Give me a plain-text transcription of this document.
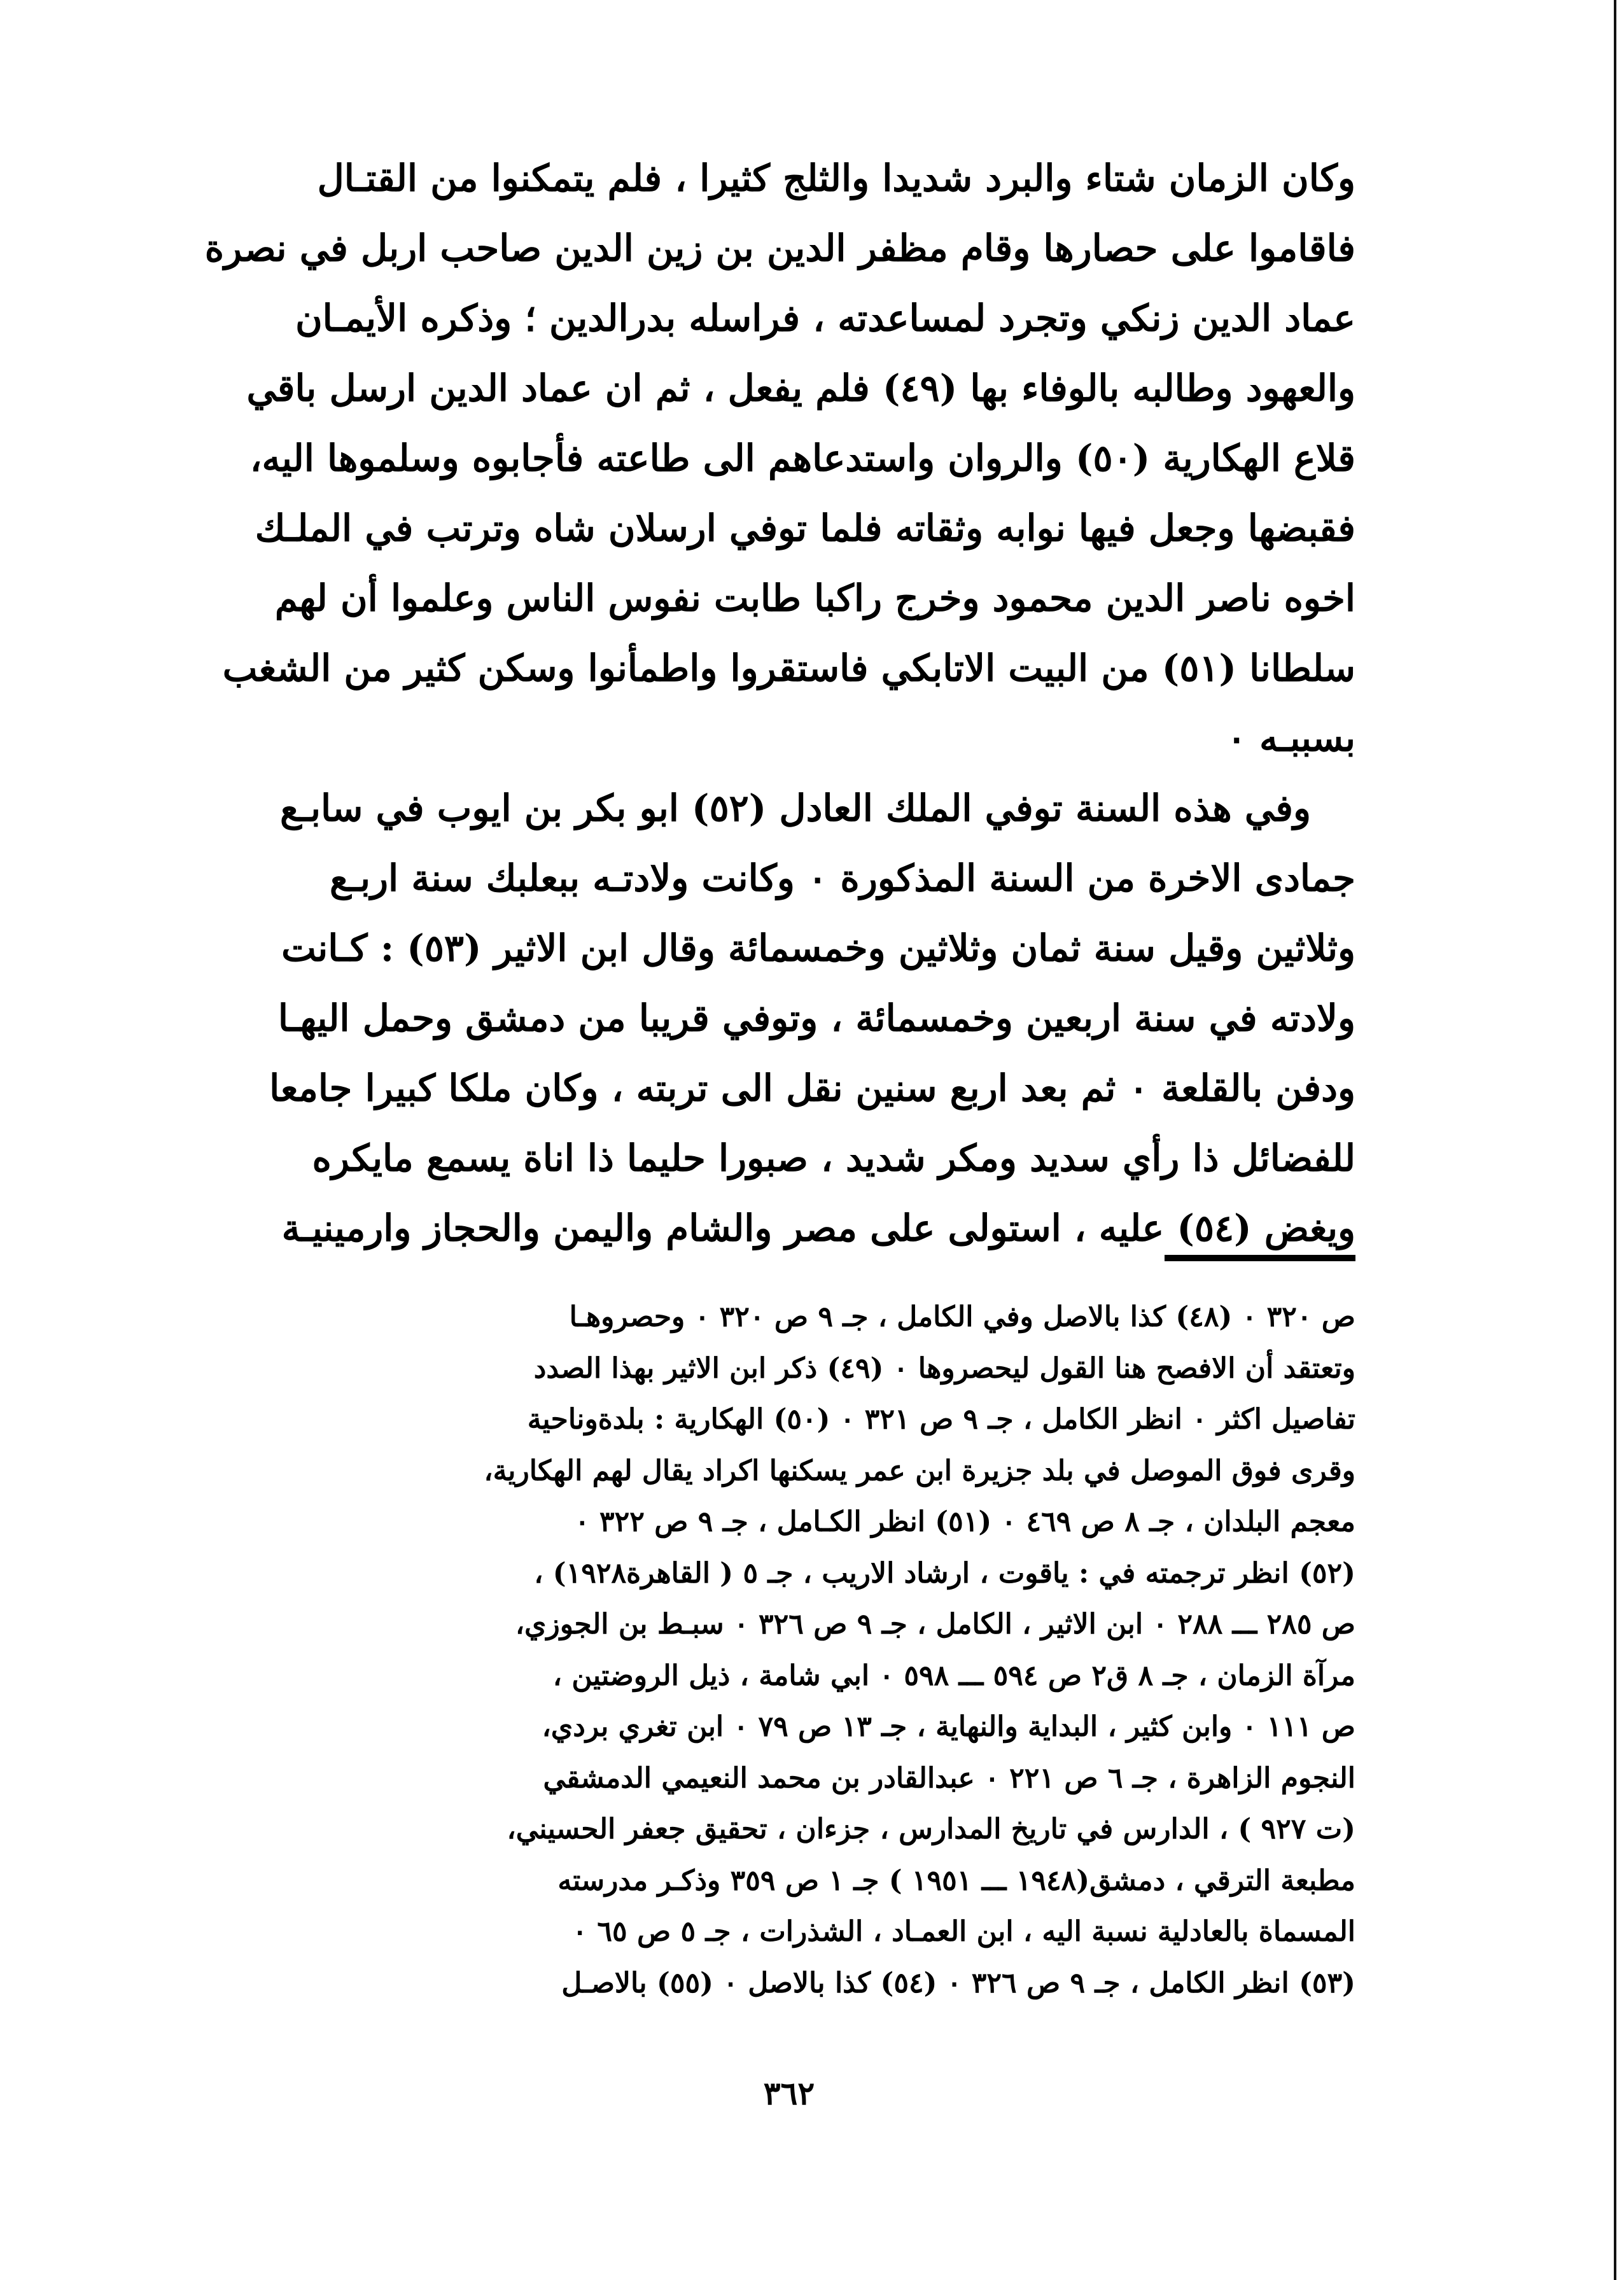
وكان الزمان شتاء والبرد شديدا والثلج كثيرا ، فلم يتمكنوا من القتـال
فاقاموا على حصارها وقام مظفر الدين بن زين الدين صاحب اربل في نصرة
عماد الدين زنكي وتجرد لمساعدته ، فراسله بدرالدين ؛ وذكره الأيمـان
والعهود وطالبه بالوفاء بها (٤٩) فلم يفعل ، ثم ان عماد الدين ارسل باقي
قلاع الهكارية (٥٠) والروان واستدعاهم الى طاعته فأجابوه وسلموها اليه،
فقبضها وجعل فيها نوابه وثقاته فلما توفي ارسلان شاه وترتب في الملـك
اخوه ناصر الدين محمود وخرج راكبا طابت نفوس الناس وعلموا أن لهم
سلطانا (٥١) من البيت الاتابكي فاستقروا واطمأنوا وسكن كثير من الشغب
بسببـه ٠
وفي هذه السنة توفي الملك العادل (٥٢) ابو بكر بن ايوب في سابـع
جمادى الاخرة من السنة المذكورة ٠ وكانت ولادتـه ببعلبك سنة اربـع
وثلاثين وقيل سنة ثمان وثلاثين وخمسمائة وقال ابن الاثير (٥٣) : كـانت
ولادته في سنة اربعين وخمسمائة ، وتوفي قريبا من دمشق وحمل اليهـا
ودفن بالقلعة ٠ ثم بعد اربع سنين نقل الى تربته ، وكان ملكا كبيرا جامعا
للفضائل ذا رأي سديد ومكر شديد ، صبورا حليما ذا اناة يسمع مايكره
ويغض (٥٤) عليه ، استولى على مصر والشام واليمن والحجاز وارمينيـة
ص ٣٢٠ ٠ (٤٨) كذا بالاصل وفي الكامل ، جـ ٩ ص ٣٢٠ ٠ وحصروهـا
وتعتقد أن الافصح هنا القول ليحصروها ٠ (٤٩) ذكر ابن الاثير بهذا الصدد
تفاصيل اكثر ٠ انظر الكامل ، جـ ٩ ص ٣٢١ ٠ (٥٠) الهكارية : بلدةوناحية
وقرى فوق الموصل في بلد جزيرة ابن عمر يسكنها اكراد يقال لهم الهكارية،
معجم البلدان ، جـ ٨ ص ٤٦٩ ٠ (٥١) انظر الكـامل ، جـ ٩ ص ٣٢٢ ٠
(٥٢) انظر ترجمته في : ياقوت ، ارشاد الاريب ، جـ ٥ ( القاهرة١٩٢٨) ،
ص ٢٨٥ ـــ ٢٨٨ ٠ ابن الاثير ، الكامل ، جـ ٩ ص ٣٢٦ ٠ سبـط بن الجوزي،
مرآة الزمان ، جـ ٨ ق٢ ص ٥٩٤ ـــ ٥٩٨ ٠ ابي شامة ، ذيل الروضتين ،
ص ١١١ ٠ وابن كثير ، البداية والنهاية ، جـ ١٣ ص ٧٩ ٠ ابن تغري بردي،
النجوم الزاهرة ، جـ ٦ ص ٢٢١ ٠ عبدالقادر بن محمد النعيمي الدمشقي
(ت ٩٢٧ ) ، الدارس في تاريخ المدارس ، جزءان ، تحقيق جعفر الحسيني،
مطبعة الترقي ، دمشق(١٩٤٨ ـــ ١٩٥١ ) جـ ١ ص ٣٥٩ وذكـر مدرسته
المسماة بالعادلية نسبة اليه ، ابن العمـاد ، الشذرات ، جـ ٥ ص ٦٥ ٠
(٥٣) انظر الكامل ، جـ ٩ ص ٣٢٦ ٠ (٥٤) كذا بالاصل ٠ (٥٥) بالاصـل
٣٦٢
